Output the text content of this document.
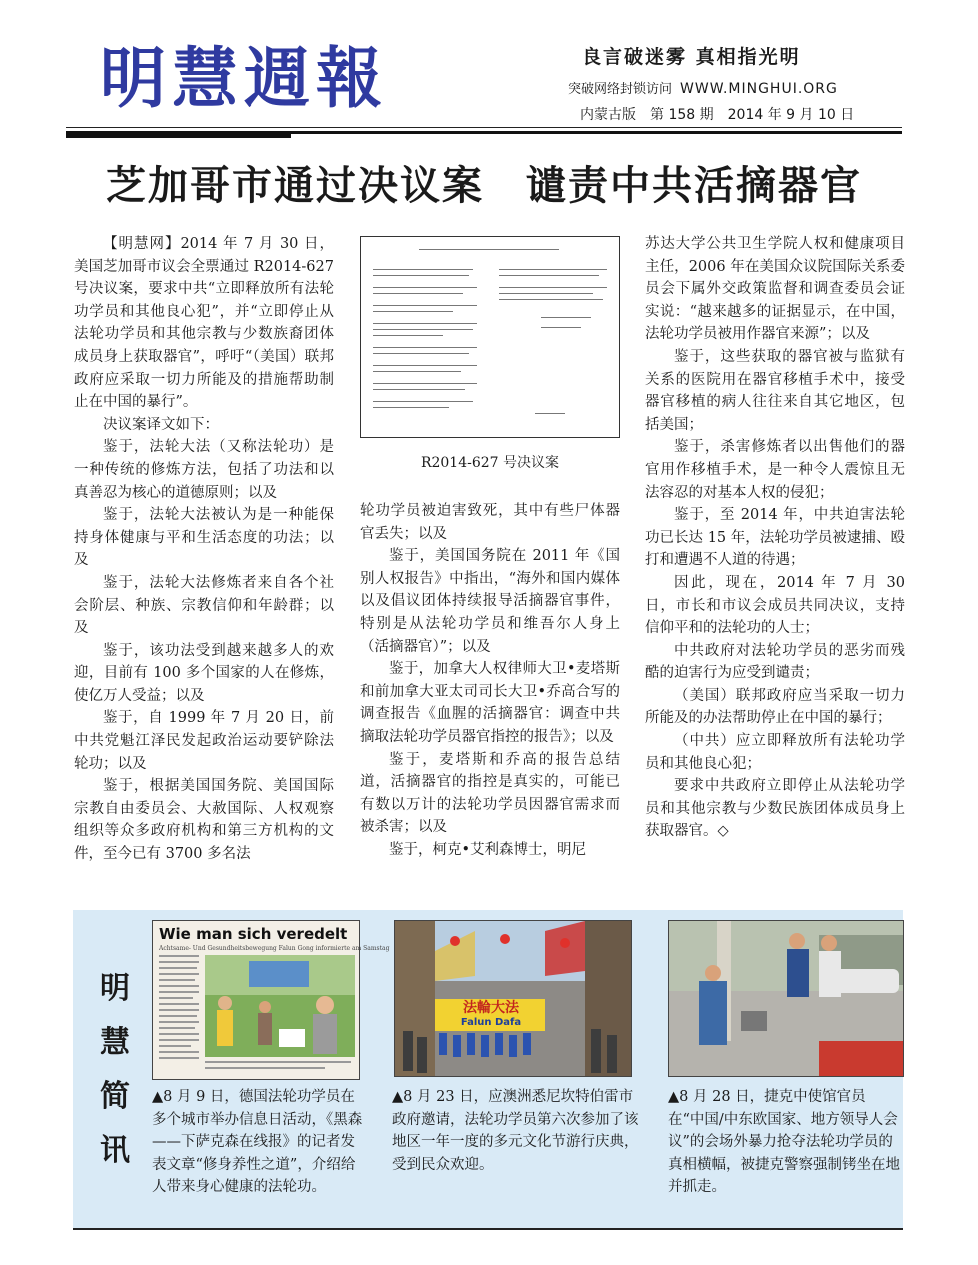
明慧週報	良言破迷雾 真相指光明
突破网络封锁访问 WWW.MINGHUI.ORG
内蒙古版 第 158 期 2014 年 9 月 10 日
芝加哥市通过决议案　谴责中共活摘器官

【明慧网】2014 年 7 月 30 日，美国芝加哥市议会全票通过 R2014-627 号决议案，要求中共“立即释放所有法轮功学员和其他良心犯”，并“立即停止从法轮功学员和其他宗教与少数族裔团体成员身上获取器官”，呼吁“（美国）联邦政府应采取一切力所能及的措施帮助制止在中国的暴行”。

决议案译文如下：

鉴于，法轮大法（又称法轮功）是一种传统的修炼方法，包括了功法和以真善忍为核心的道德原则；以及

鉴于，法轮大法被认为是一种能保持身体健康与平和生活态度的功法；以及

鉴于，法轮大法修炼者来自各个社会阶层、种族、宗教信仰和年龄群；以及

鉴于，该功法受到越来越多人的欢迎，目前有 100 多个国家的人在修炼，使亿万人受益；以及

鉴于，自 1999 年 7 月 20 日，前中共党魁江泽民发起政治运动要铲除法轮功；以及

鉴于，根据美国国务院、美国国际宗教自由委员会、大赦国际、人权观察组织等众多政府机构和第三方机构的文件，至今已有 3700 多名法

R2014-627 号决议案

轮功学员被迫害致死，其中有些尸体器官丢失；以及

鉴于，美国国务院在 2011 年《国别人权报告》中指出，“海外和国内媒体以及倡议团体持续报导活摘器官事件，特别是从法轮功学员和维吾尔人身上（活摘器官）”；以及

鉴于，加拿大人权律师大卫•麦塔斯和前加拿大亚太司司长大卫•乔高合写的调查报告《血腥的活摘器官：调查中共摘取法轮功学员器官指控的报告》；以及

鉴于，麦塔斯和乔高的报告总结道，活摘器官的指控是真实的，可能已有数以万计的法轮功学员因器官需求而被杀害；以及

鉴于，柯克•艾利森博士，明尼

苏达大学公共卫生学院人权和健康项目主任，2006 年在美国众议院国际关系委员会下属外交政策监督和调查委员会证实说：“越来越多的证据显示，在中国，法轮功学员被用作器官来源”；以及

鉴于，这些获取的器官被与监狱有关系的医院用在器官移植手术中，接受器官移植的病人往往来自其它地区，包括美国；

鉴于，杀害修炼者以出售他们的器官用作移植手术，是一种令人震惊且无法容忍的对基本人权的侵犯；

鉴于，至 2014 年，中共迫害法轮功已长达 15 年，法轮功学员被逮捕、殴打和遭遇不人道的待遇；

因此，现在，2014 年 7 月 30 日，市长和市议会成员共同决议，支持信仰平和的法轮功的人士；

中共政府对法轮功学员的恶劣而残酷的迫害行为应受到谴责；

（美国）联邦政府应当采取一切力所能及的办法帮助停止在中国的暴行；

（中共）应立即释放所有法轮功学员和其他良心犯；

要求中共政府立即停止从法轮功学员和其他宗教与少数民族团体成员身上获取器官。◇

明
慧
简
讯
Wie man sich veredelt
Achtsame- Und Gesundheitsbewegung Falun Gong informierte am Samstag
法輪大法
Falun Dafa
▲8 月 9 日，德国法轮功学员在多个城市举办信息日活动，《黑森——下萨克森在线报》的记者发表文章“修身养性之道”，介绍给人带来身心健康的法轮功。
▲8 月 23 日，应澳洲悉尼坎特伯雷市政府邀请，法轮功学员第六次参加了该地区一年一度的多元文化节游行庆典，受到民众欢迎。
▲8 月 28 日，捷克中使馆官员在“中国/中东欧国家、地方领导人会议”的会场外暴力抢夺法轮功学员的真相横幅，被捷克警察强制铐坐在地并抓走。
